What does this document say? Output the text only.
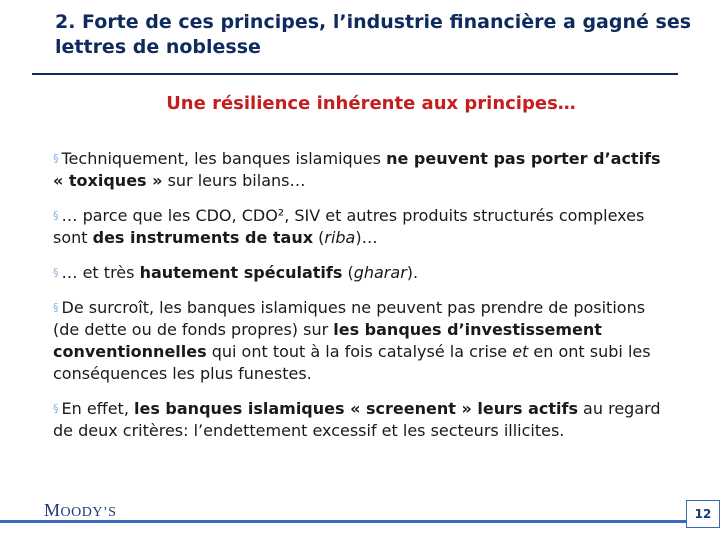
2. Forte de ces principes, l’industrie financière a gagné ses lettres de noblesse
Une résilience inhérente aux principes…

§ Techniquement, les banques islamiques ne peuvent pas porter d’actifs « toxiques » sur leurs bilans…

§ … parce que les CDO, CDO², SIV et autres produits structurés complexes sont des instruments de taux (riba)…

§ … et très hautement spéculatifs (gharar).

§ De surcroît, les banques islamiques ne peuvent pas prendre de positions (de dette ou de fonds propres) sur les banques d’investissement conventionnelles qui ont tout à la fois catalysé la crise et en ont subi les conséquences les plus funestes.

§ En effet, les banques islamiques « screenent » leurs actifs au regard de deux critères: l’endettement excessif et les secteurs illicites.

MOODY’S	12
